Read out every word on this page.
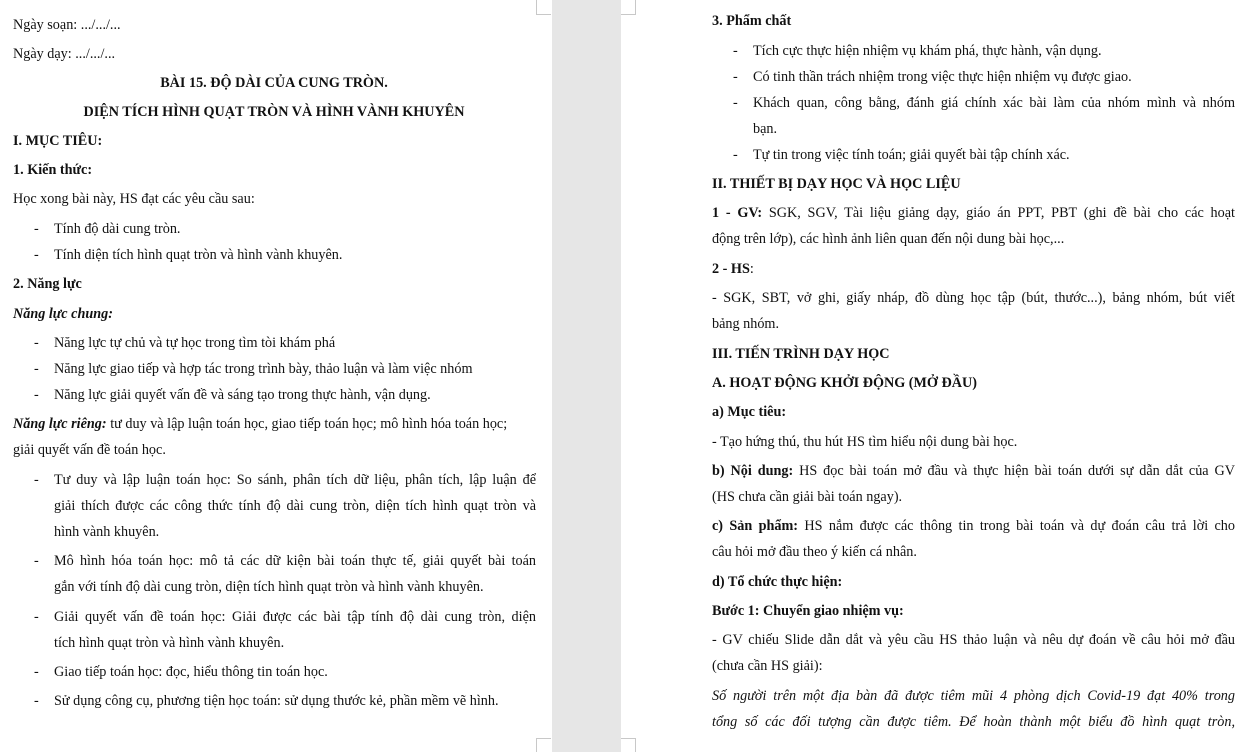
Ngày soạn: .../.../...
Ngày dạy: .../.../...
BÀI 15. ĐỘ DÀI CỦA CUNG TRÒN.
DIỆN TÍCH HÌNH QUẠT TRÒN VÀ HÌNH VÀNH KHUYÊN
I. MỤC TIÊU:
1. Kiến thức:
Học xong bài này, HS đạt các yêu cầu sau:
- Tính độ dài cung tròn.
- Tính diện tích hình quạt tròn và hình vành khuyên.
2. Năng lực
Năng lực chung:
- Năng lực tự chủ và tự học trong tìm tòi khám phá
- Năng lực giao tiếp và hợp tác trong trình bày, thảo luận và làm việc nhóm
- Năng lực giải quyết vấn đề và sáng tạo trong thực hành, vận dụng.
Năng lực riêng: tư duy và lập luận toán học, giao tiếp toán học; mô hình hóa toán học;
giải quyết vấn đề toán học.
- Tư duy và lập luận toán học: So sánh, phân tích dữ liệu, phân tích, lập luận để
giải thích được các công thức tính độ dài cung tròn, diện tích hình quạt tròn và
hình vành khuyên.
- Mô hình hóa toán học: mô tả các dữ kiện bài toán thực tế, giải quyết bài toán
gắn với tính độ dài cung tròn, diện tích hình quạt tròn và hình vành khuyên.
- Giải quyết vấn đề toán học: Giải được các bài tập tính độ dài cung tròn, diện
tích hình quạt tròn và hình vành khuyên.
- Giao tiếp toán học: đọc, hiểu thông tin toán học.
- Sử dụng công cụ, phương tiện học toán: sử dụng thước kẻ, phần mềm vẽ hình.
3. Phẩm chất
- Tích cực thực hiện nhiệm vụ khám phá, thực hành, vận dụng.
- Có tinh thần trách nhiệm trong việc thực hiện nhiệm vụ được giao.
- Khách quan, công bằng, đánh giá chính xác bài làm của nhóm mình và nhóm
bạn.
- Tự tin trong việc tính toán; giải quyết bài tập chính xác.
II. THIẾT BỊ DẠY HỌC VÀ HỌC LIỆU
1 - GV: SGK, SGV, Tài liệu giảng dạy, giáo án PPT, PBT (ghi đề bài cho các hoạt
động trên lớp), các hình ảnh liên quan đến nội dung bài học,...
2 - HS:
- SGK, SBT, vở ghi, giấy nháp, đồ dùng học tập (bút, thước...), bảng nhóm, bút viết
bảng nhóm.
III. TIẾN TRÌNH DẠY HỌC
A. HOẠT ĐỘNG KHỞI ĐỘNG (MỞ ĐẦU)
a) Mục tiêu:
- Tạo hứng thú, thu hút HS tìm hiểu nội dung bài học.
b) Nội dung: HS đọc bài toán mở đầu và thực hiện bài toán dưới sự dẫn dắt của GV
(HS chưa cần giải bài toán ngay).
c) Sản phẩm: HS nắm được các thông tin trong bài toán và dự đoán câu trả lời cho
câu hỏi mở đầu theo ý kiến cá nhân.
d) Tổ chức thực hiện:
Bước 1: Chuyển giao nhiệm vụ:
- GV chiếu Slide dẫn dắt và yêu cầu HS thảo luận và nêu dự đoán về câu hỏi mở đầu
(chưa cần HS giải):
Số người trên một địa bàn đã được tiêm mũi 4 phòng dịch Covid-19 đạt 40% trong
tổng số các đối tượng cần được tiêm. Để hoàn thành một biểu đồ hình quạt tròn,
